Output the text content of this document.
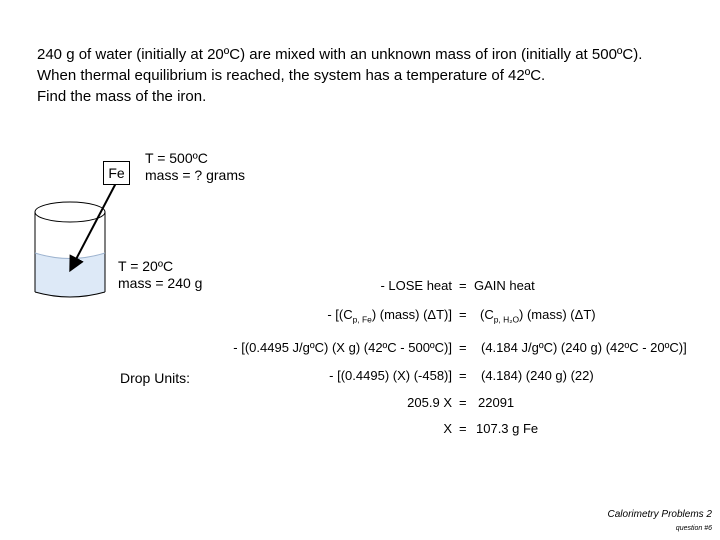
240 g of water (initially at 20ºC) are mixed with an unknown mass of iron (initially at 500ºC).
When thermal equilibrium is reached, the system has a temperature of 42ºC.
Find the mass of the iron.
Fe
T = 500ºC
mass = ? grams
T = 20ºC
mass = 240 g
Drop Units:
- LOSE heat = GAIN heat
- [$(C_{p, Fe})$ (mass) $(\Delta T)] = (C_{p, H_2O})$ (mass) (ΔT)
- [(0.4495 J/gºC) (X g) (42ºC - 500ºC)] = (4.184 J/gºC) (240 g) (42ºC - 20ºC)]
- [(0.4495) (X) (-458)] = (4.184) (240 g) (22)
205.9 X = 22091
X = 107.3 g Fe
Calorimetry Problems 2
question #6
